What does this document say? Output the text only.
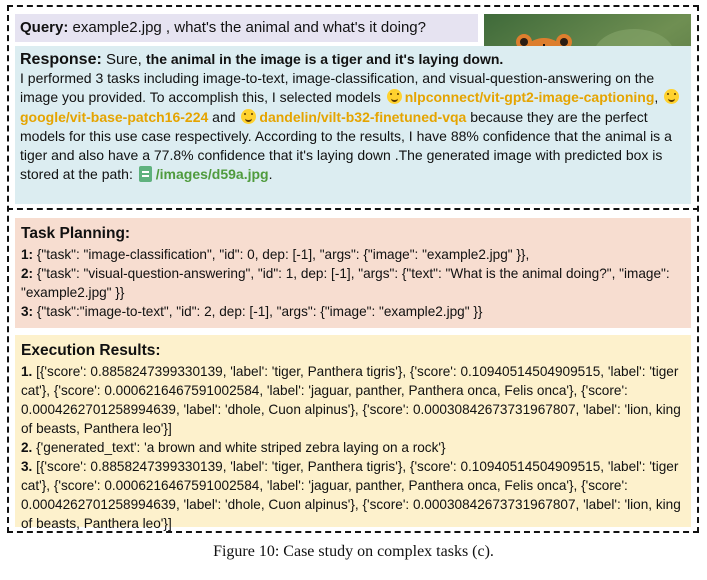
Query: example2.jpg , what's the animal and what's it doing?
Response: Sure, the animal in the image is a tiger and it's laying down.
I performed 3 tasks including image-to-text, image-classification, and visual-question-answering on the image you provided. To accomplish this, I selected models nlpconnect/vit-gpt2-image-captioning, google/vit-base-patch16-224 and dandelin/vilt-b32-finetuned-vqa because they are the perfect models for this use case respectively. According to the results, I have 88% confidence that the animal is a tiger and also have a 77.8% confidence that it's laying down .The generated image with predicted box is stored at the path: /images/d59a.jpg.
Task Planning:
1: {"task": "image-classification", "id": 0, dep: [-1], "args": {"image": "example2.jpg" }},
2: {"task": "visual-question-answering", "id": 1, dep: [-1], "args": {"text": "What is the animal doing?", "image": "example2.jpg" }}
3: {"task":"image-to-text", "id": 2, dep: [-1], "args": {"image": "example2.jpg" }}
Execution Results:
1. [{'score': 0.8858247399330139, 'label': 'tiger, Panthera tigris'}, {'score': 0.10940514504909515, 'label': 'tiger cat'}, {'score': 0.0006216467591002584, 'label': 'jaguar, panther, Panthera onca, Felis onca'}, {'score': 0.0004262701258994639, 'label': 'dhole, Cuon alpinus'}, {'score': 0.00030842673731967807, 'label': 'lion, king of beasts, Panthera leo'}]
2. {'generated_text': 'a brown and white striped zebra laying on a rock'}
3. [{'score': 0.8858247399330139, 'label': 'tiger, Panthera tigris'}, {'score': 0.10940514504909515, 'label': 'tiger cat'}, {'score': 0.0006216467591002584, 'label': 'jaguar, panther, Panthera onca, Felis onca'}, {'score': 0.0004262701258994639, 'label': 'dhole, Cuon alpinus'}, {'score': 0.00030842673731967807, 'label': 'lion, king of beasts, Panthera leo'}]
Figure 10: Case study on complex tasks (c).
